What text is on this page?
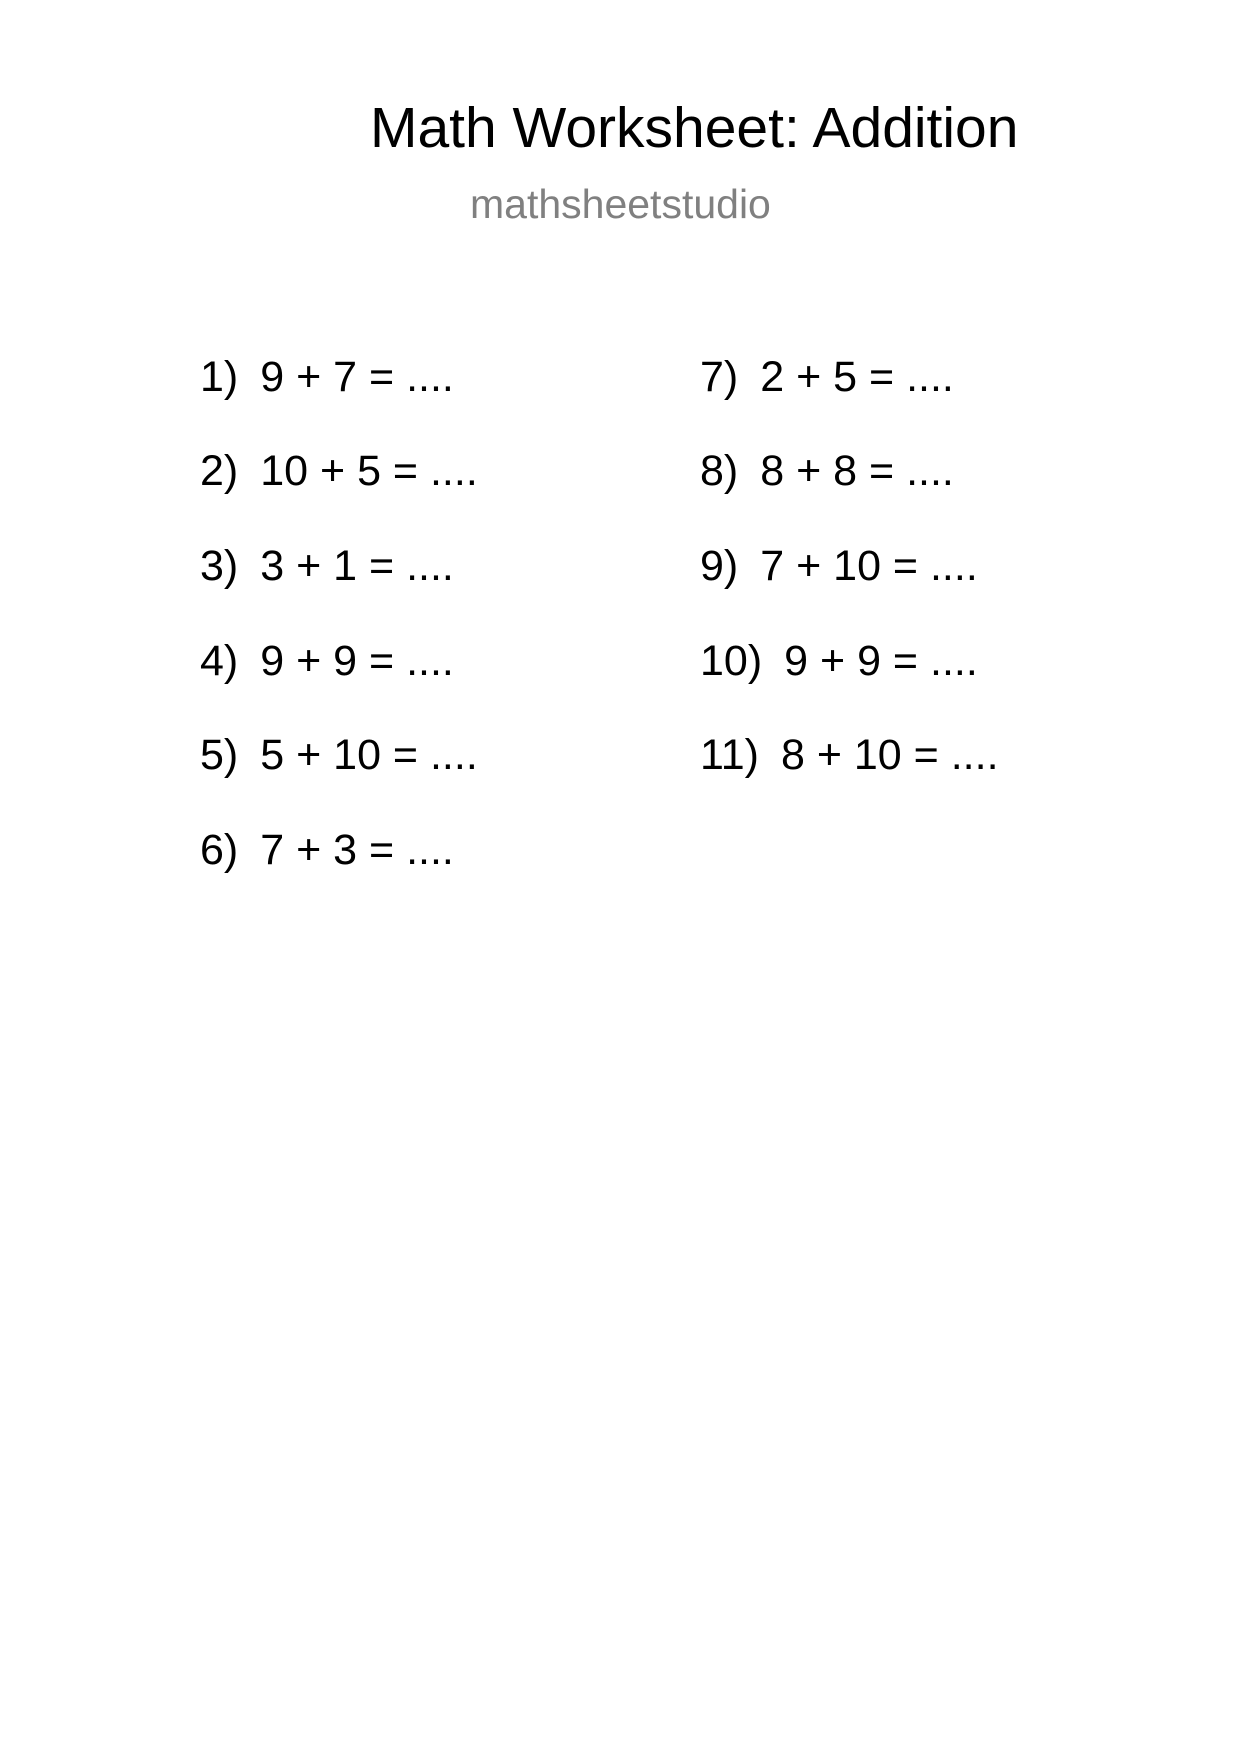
Math Worksheet: Addition
mathsheetstudio
1) 9 + 7 = ....
2) 10 + 5 = ....
3) 3 + 1 = ....
4) 9 + 9 = ....
5) 5 + 10 = ....
6) 7 + 3 = ....
7) 2 + 5 = ....
8) 8 + 8 = ....
9) 7 + 10 = ....
10) 9 + 9 = ....
11) 8 + 10 = ....
